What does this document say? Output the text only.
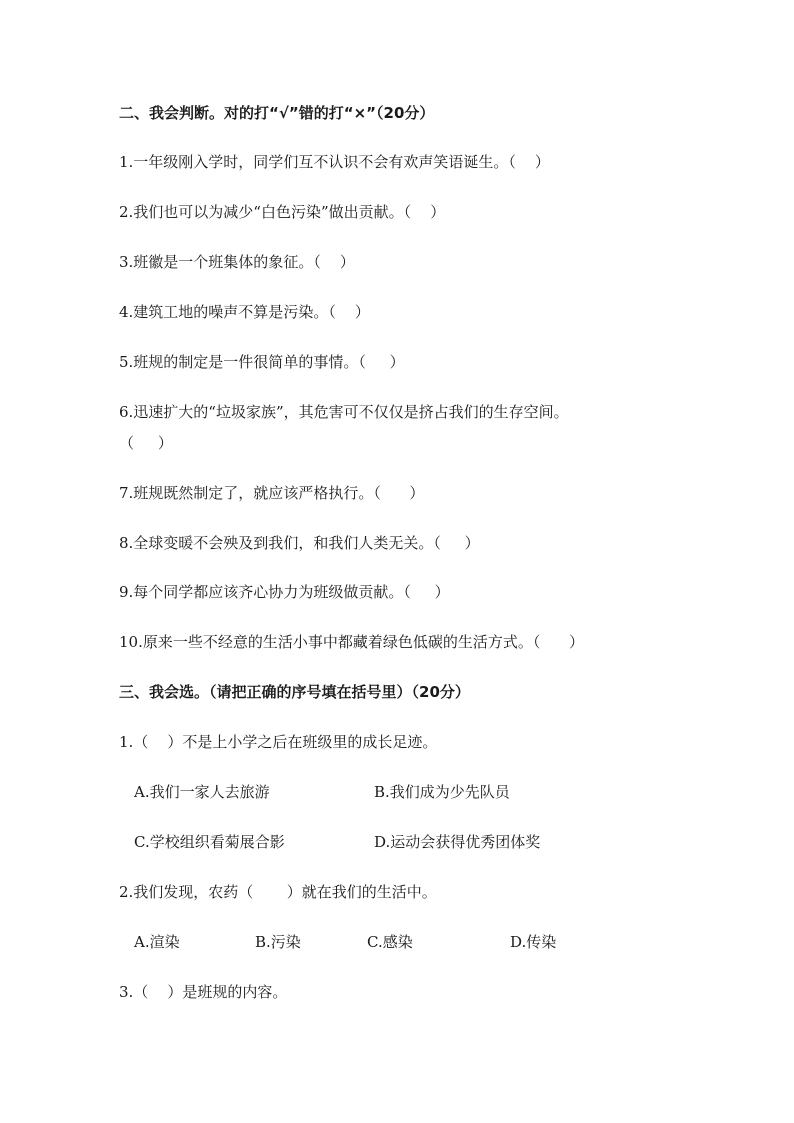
二、我会判断。对的打“√”错的打“×”（20分）
1.一年级刚入学时，同学们互不认识不会有欢声笑语诞生。（    ）
2.我们也可以为减少“白色污染”做出贡献。（    ）
3.班徽是一个班集体的象征。（    ）
4.建筑工地的噪声不算是污染。（    ）
5.班规的制定是一件很简单的事情。（     ）
6.迅速扩大的“垃圾家族”，其危害可不仅仅是挤占我们的生存空间。
（     ）
7.班规既然制定了，就应该严格执行。（      ）
8.全球变暖不会殃及到我们，和我们人类无关。（     ）
9.每个同学都应该齐心协力为班级做贡献。（     ）
10.原来一些不经意的生活小事中都藏着绿色低碳的生活方式。（      ）
三、我会选。（请把正确的序号填在括号里）（20分）
1.（    ）不是上小学之后在班级里的成长足迹。
A.我们一家人去旅游	B.我们成为少先队员
C.学校组织看菊展合影	D.运动会获得优秀团体奖
2.我们发现，农药（       ）就在我们的生活中。
A.渲染	B.污染	C.感染	D.传染
3.（    ）是班规的内容。
